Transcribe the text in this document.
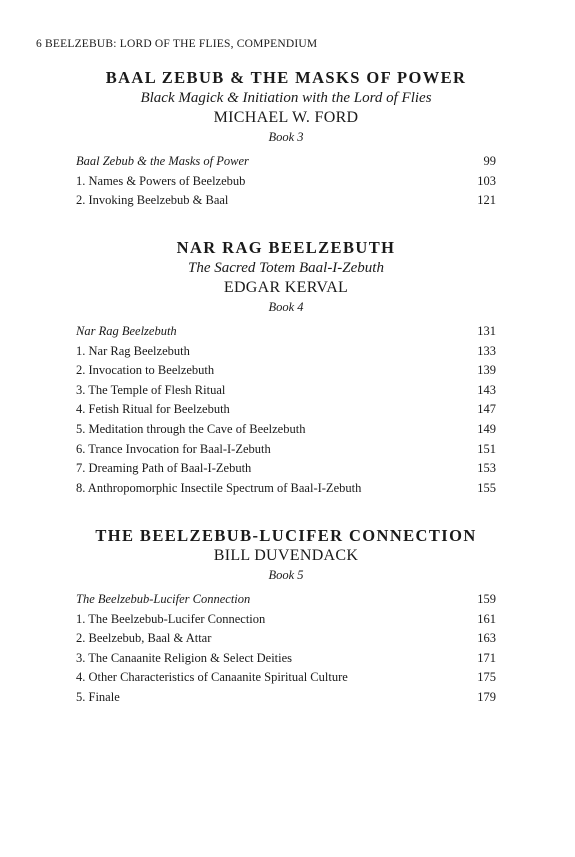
6 BEELZEBUB: LORD OF THE FLIES, COMPENDIUM
BAAL ZEBUB & THE MASKS OF POWER
Black Magick & Initiation with the Lord of Flies
MICHAEL W. FORD
Book 3
Baal Zebub & the Masks of Power	99
1. Names & Powers of Beelzebub	103
2. Invoking Beelzebub & Baal	121
NAR RAG BEELZEBUTH
The Sacred Totem Baal-I-Zebuth
EDGAR KERVAL
Book 4
Nar Rag Beelzebuth	131
1. Nar Rag Beelzebuth	133
2. Invocation to Beelzebuth	139
3. The Temple of Flesh Ritual	143
4. Fetish Ritual for Beelzebuth	147
5. Meditation through the Cave of Beelzebuth	149
6. Trance Invocation for Baal-I-Zebuth	151
7. Dreaming Path of Baal-I-Zebuth	153
8. Anthropomorphic Insectile Spectrum of Baal-I-Zebuth	155
THE BEELZEBUB-LUCIFER CONNECTION
BILL DUVENDACK
Book 5
The Beelzebub-Lucifer Connection	159
1. The Beelzebub-Lucifer Connection	161
2. Beelzebub, Baal & Attar	163
3. The Canaanite Religion & Select Deities	171
4. Other Characteristics of Canaanite Spiritual Culture	175
5. Finale	179
